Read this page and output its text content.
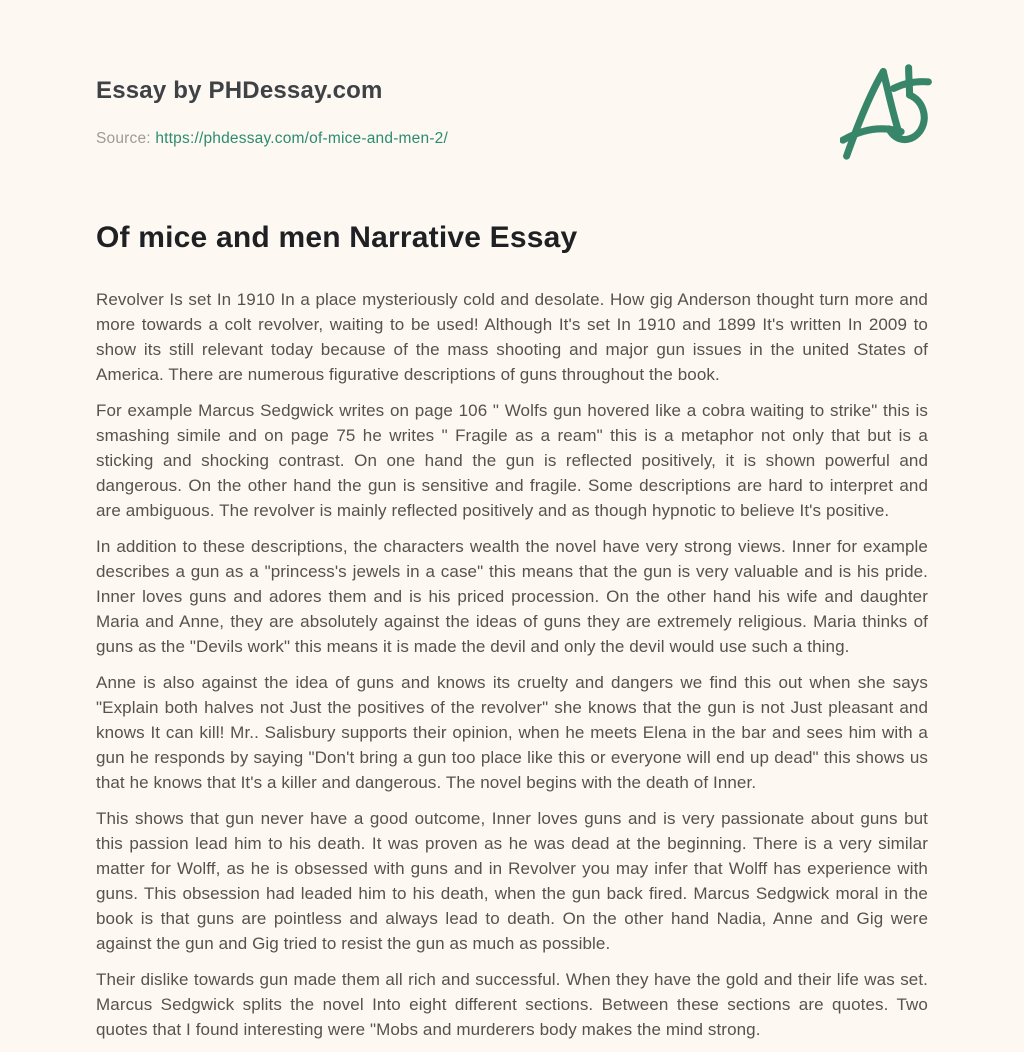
Essay by PHDessay.com
Source: https://phdessay.com/of-mice-and-men-2/
Of mice and men Narrative Essay

Revolver Is set In 1910 In a place mysteriously cold and desolate. How gig Anderson thought turn more and more towards a colt revolver, waiting to be used! Although It's set In 1910 and 1899 It's written In 2009 to show its still relevant today because of the mass shooting and major gun issues in the united States of America. There are numerous figurative descriptions of guns throughout the book.

For example Marcus Sedgwick writes on page 106 " Wolfs gun hovered like a cobra waiting to strike" this is smashing simile and on page 75 he writes " Fragile as a ream" this is a metaphor not only that but is a sticking and shocking contrast. On one hand the gun is reflected positively, it is shown powerful and dangerous. On the other hand the gun is sensitive and fragile. Some descriptions are hard to interpret and are ambiguous. The revolver is mainly reflected positively and as though hypnotic to believe It's positive.

In addition to these descriptions, the characters wealth the novel have very strong views. Inner for example describes a gun as a "princess's jewels in a case" this means that the gun is very valuable and is his pride. Inner loves guns and adores them and is his priced procession. On the other hand his wife and daughter Maria and Anne, they are absolutely against the ideas of guns they are extremely religious. Maria thinks of guns as the "Devils work" this means it is made the devil and only the devil would use such a thing.

Anne is also against the idea of guns and knows its cruelty and dangers we find this out when she says "Explain both halves not Just the positives of the revolver" she knows that the gun is not Just pleasant and knows It can kill! Mr.. Salisbury supports their opinion, when he meets Elena in the bar and sees him with a gun he responds by saying "Don't bring a gun too place like this or everyone will end up dead" this shows us that he knows that It's a killer and dangerous. The novel begins with the death of Inner.

This shows that gun never have a good outcome, Inner loves guns and is very passionate about guns but this passion lead him to his death. It was proven as he was dead at the beginning. There is a very similar matter for Wolff, as he is obsessed with guns and in Revolver you may infer that Wolff has experience with guns. This obsession had leaded him to his death, when the gun back fired. Marcus Sedgwick moral in the book is that guns are pointless and always lead to death. On the other hand Nadia, Anne and Gig were against the gun and Gig tried to resist the gun as much as possible.

Their dislike towards gun made them all rich and successful. When they have the gold and their life was set. Marcus Sedgwick splits the novel Into eight different sections. Between these sections are quotes. Two quotes that I found interesting were "Mobs and murderers body makes the mind strong.
